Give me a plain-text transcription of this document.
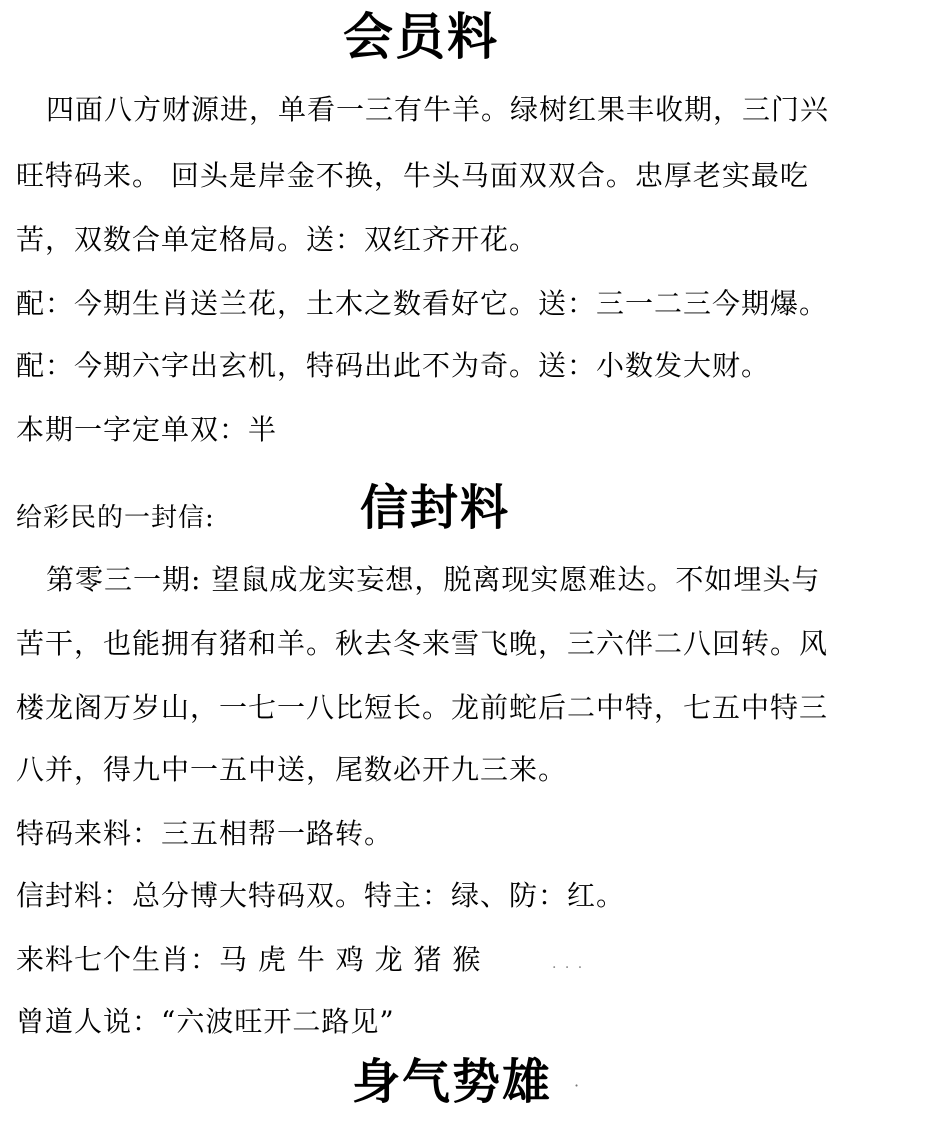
会员料
四面八方财源进，单看一三有牛羊。绿树红果丰收期，三门兴
旺特码来。 回头是岸金不换，牛头马面双双合。忠厚老实最吃
苦，双数合单定格局。送：双红齐开花。
配：今期生肖送兰花，土木之数看好它。送：三一二三今期爆。
配：今期六字出玄机，特码出此不为奇。送：小数发大财。
本期一字定单双：半
给彩民的一封信:	信封料
第零三一期: 望鼠成龙实妄想，脱离现实愿难达。不如埋头与
苦干，也能拥有猪和羊。秋去冬来雪飞晚，三六伴二八回转。风
楼龙阁万岁山，一七一八比短长。龙前蛇后二中特，七五中特三
八并，得九中一五中送，尾数必开九三来。
特码来料：三五相帮一路转。
信封料：总分博大特码双。特主：绿、防：红。
来料七个生肖：马 虎 牛 鸡 龙 猪 猴	· · ·
曾道人说：“六波旺开二路见”
身气势雄 ·
